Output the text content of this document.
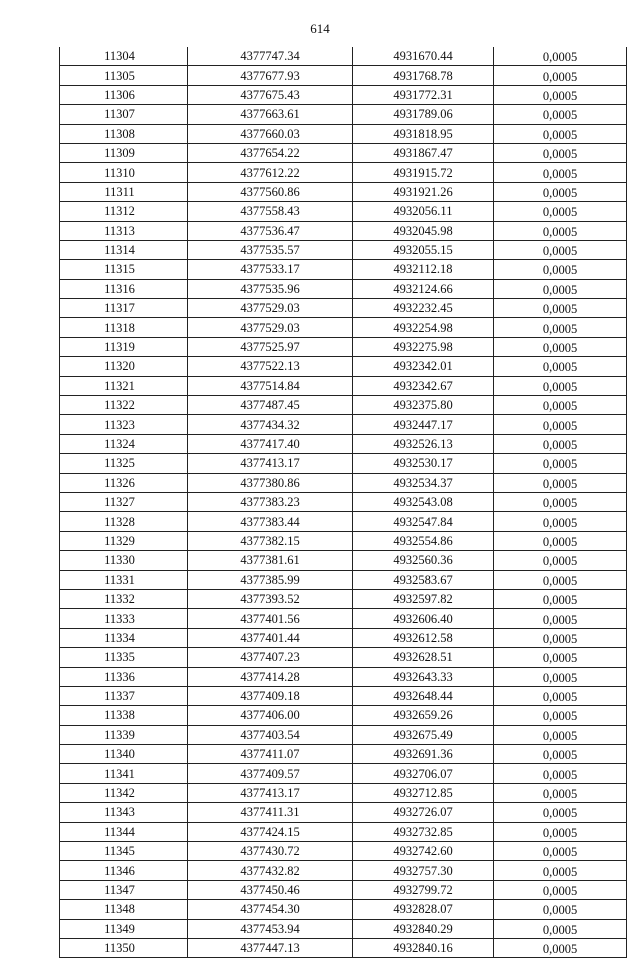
614
11304	4377747.34	4931670.44	0,0005
11305	4377677.93	4931768.78	0,0005
11306	4377675.43	4931772.31	0,0005
11307	4377663.61	4931789.06	0,0005
11308	4377660.03	4931818.95	0,0005
11309	4377654.22	4931867.47	0,0005
11310	4377612.22	4931915.72	0,0005
11311	4377560.86	4931921.26	0,0005
11312	4377558.43	4932056.11	0,0005
11313	4377536.47	4932045.98	0,0005
11314	4377535.57	4932055.15	0,0005
11315	4377533.17	4932112.18	0,0005
11316	4377535.96	4932124.66	0,0005
11317	4377529.03	4932232.45	0,0005
11318	4377529.03	4932254.98	0,0005
11319	4377525.97	4932275.98	0,0005
11320	4377522.13	4932342.01	0,0005
11321	4377514.84	4932342.67	0,0005
11322	4377487.45	4932375.80	0,0005
11323	4377434.32	4932447.17	0,0005
11324	4377417.40	4932526.13	0,0005
11325	4377413.17	4932530.17	0,0005
11326	4377380.86	4932534.37	0,0005
11327	4377383.23	4932543.08	0,0005
11328	4377383.44	4932547.84	0,0005
11329	4377382.15	4932554.86	0,0005
11330	4377381.61	4932560.36	0,0005
11331	4377385.99	4932583.67	0,0005
11332	4377393.52	4932597.82	0,0005
11333	4377401.56	4932606.40	0,0005
11334	4377401.44	4932612.58	0,0005
11335	4377407.23	4932628.51	0,0005
11336	4377414.28	4932643.33	0,0005
11337	4377409.18	4932648.44	0,0005
11338	4377406.00	4932659.26	0,0005
11339	4377403.54	4932675.49	0,0005
11340	4377411.07	4932691.36	0,0005
11341	4377409.57	4932706.07	0,0005
11342	4377413.17	4932712.85	0,0005
11343	4377411.31	4932726.07	0,0005
11344	4377424.15	4932732.85	0,0005
11345	4377430.72	4932742.60	0,0005
11346	4377432.82	4932757.30	0,0005
11347	4377450.46	4932799.72	0,0005
11348	4377454.30	4932828.07	0,0005
11349	4377453.94	4932840.29	0,0005
11350	4377447.13	4932840.16	0,0005
